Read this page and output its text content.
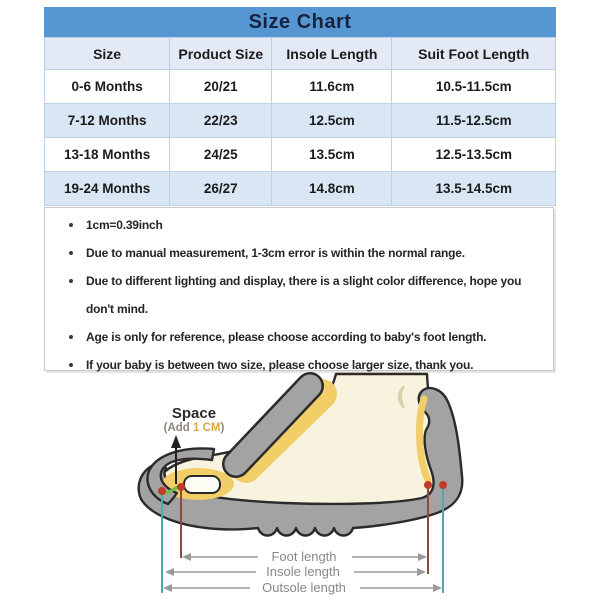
Size Chart
Size	Product Size	Insole Length	Suit Foot Length
0-6 Months	20/21	11.6cm	10.5-11.5cm
7-12 Months	22/23	12.5cm	11.5-12.5cm
13-18 Months	24/25	13.5cm	12.5-13.5cm
19-24 Months	26/27	14.8cm	13.5-14.5cm
1cm=0.39inch
Due to manual measurement, 1-3cm error is within the normal range.
Due to different lighting and display, there is a slight color difference, hope you don't mind.
Age is only for reference, please choose according to baby's foot length.
If your baby is between two size, please choose larger size, thank you.
Foot length
Insole length
Outsole length
Space
(Add 1 CM)
